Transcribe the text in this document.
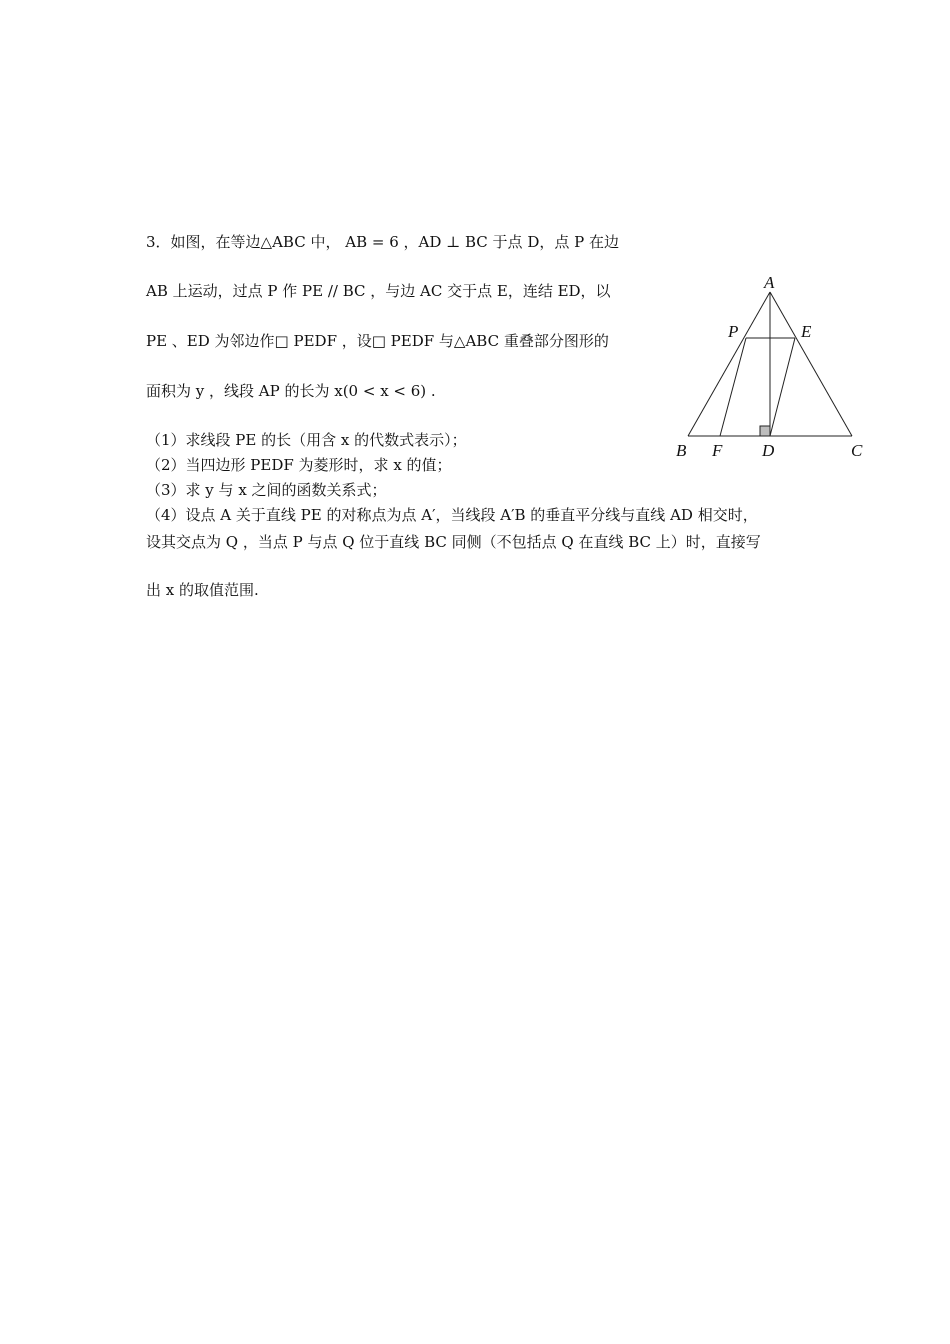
3．如图，在等边△ABC 中， AB = 6 ，AD ⊥ BC 于点 D，点 P 在边
AB 上运动，过点 P 作 PE // BC ，与边 AC 交于点 E，连结 ED，以
PE 、ED 为邻边作□ PEDF ，设□ PEDF 与△ABC 重叠部分图形的
面积为 y ，线段 AP 的长为 x(0 < x < 6) .
（1）求线段 PE 的长（用含 x 的代数式表示）；
（2）当四边形 PEDF 为菱形时，求 x 的值；
（3）求 y 与 x 之间的函数关系式；
（4）设点 A 关于直线 PE 的对称点为点 A′，当线段 A′B 的垂直平分线与直线 AD 相交时，
设其交点为 Q ，当点 P 与点 Q 位于直线 BC 同侧（不包括点 Q 在直线 BC 上）时，直接写
出 x 的取值范围.
A
P	E
B F D	C
